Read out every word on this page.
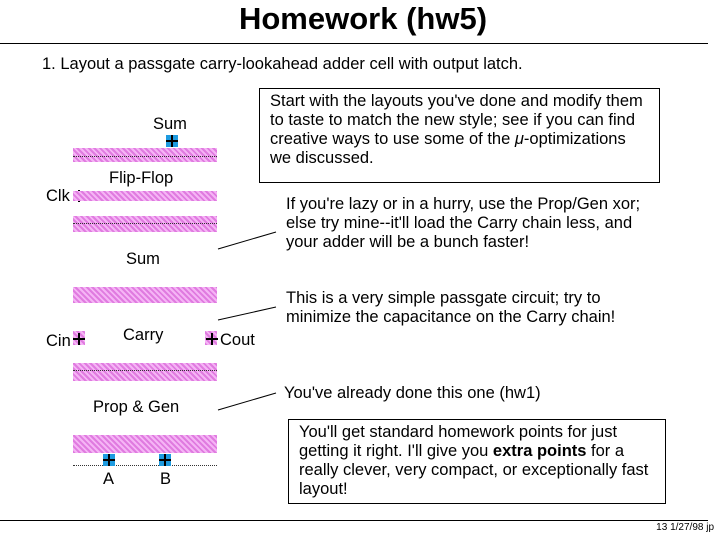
Homework (hw5)
1. Layout a passgate carry-lookahead adder cell with output latch.
Sum
Flip-Flop
Clk
Sum
Cin	Carry	Cout
Prop & Gen
A	B
Start with the layouts you've done and modify them to taste to match the new style; see if you can find creative ways to use some of the μ-optimizations we discussed.
If you're lazy or in a hurry, use the Prop/Gen xor; else try mine--it'll load the Carry chain less, and your adder will be a bunch faster!
This is a very simple passgate circuit; try to minimize the capacitance on the Carry chain!
You've already done this one (hw1)
You'll get standard homework points for just getting it right. I'll give you extra points for a really clever, very compact, or exceptionally fast layout!
13 1/27/98 jp
